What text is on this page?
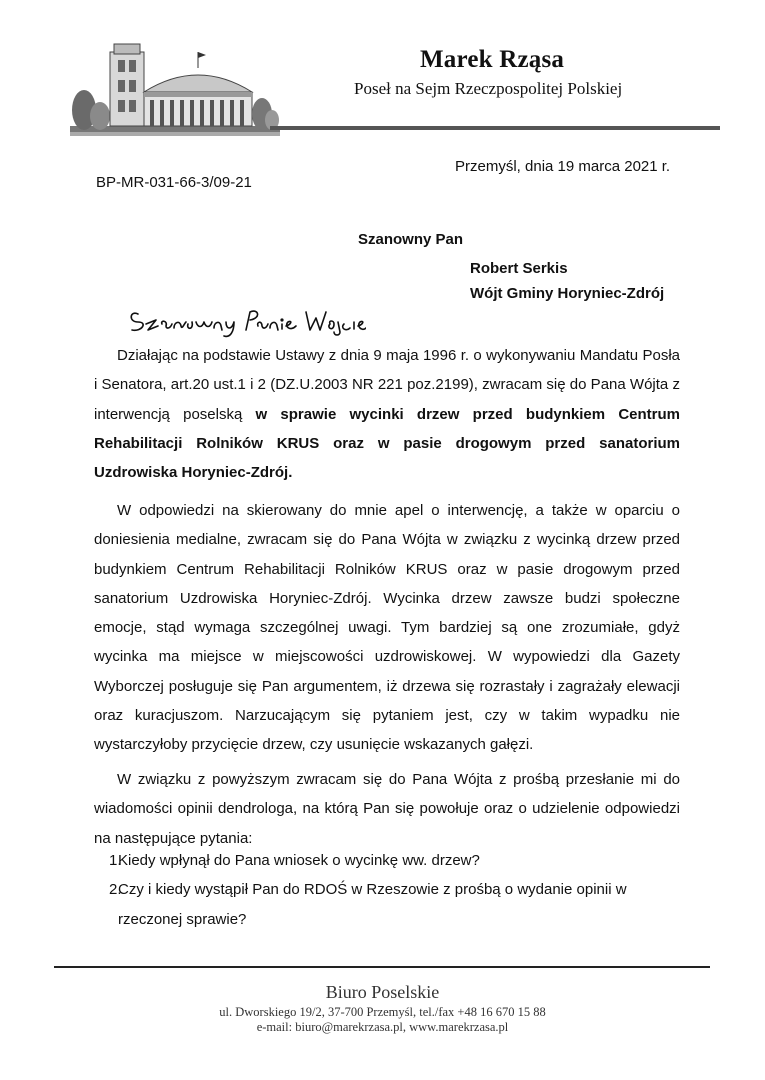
Marek Rząsa
Poseł na Sejm Rzeczpospolitej Polskiej
Przemyśl, dnia 19 marca 2021 r.
BP-MR-031-66-3/09-21
Szanowny Pan
Robert Serkis
Wójt Gminy Horyniec-Zdrój

Działając na podstawie Ustawy z dnia 9 maja 1996 r. o wykonywaniu Mandatu Posła i Senatora, art.20 ust.1 i 2 (DZ.U.2003 NR 221 poz.2199), zwracam się do Pana Wójta z interwencją poselską w sprawie wycinki drzew przed budynkiem Centrum Rehabilitacji Rolników KRUS oraz w pasie drogowym przed sanatorium Uzdrowiska Horyniec-Zdrój.

W odpowiedzi na skierowany do mnie apel o interwencję, a także w oparciu o doniesienia medialne, zwracam się do Pana Wójta w związku z wycinką drzew przed budynkiem Centrum Rehabilitacji Rolników KRUS oraz w pasie drogowym przed sanatorium Uzdrowiska Horyniec-Zdrój. Wycinka drzew zawsze budzi społeczne emocje, stąd wymaga szczególnej uwagi. Tym bardziej są one zrozumiałe, gdyż wycinka ma miejsce w miejscowości uzdrowiskowej. W wypowiedzi dla Gazety Wyborczej posługuje się Pan argumentem, iż drzewa się rozrastały i zagrażały elewacji oraz kuracjuszom. Narzucającym się pytaniem jest, czy w takim wypadku nie wystarczyłoby przycięcie drzew, czy usunięcie wskazanych gałęzi.

W związku z powyższym zwracam się do Pana Wójta z prośbą przesłanie mi do wiadomości opinii dendrologa, na którą Pan się powołuje oraz o udzielenie odpowiedzi na następujące pytania:

1.
Kiedy wpłynął do Pana wniosek o wycinkę ww. drzew?
2.
Czy i kiedy wystąpił Pan do RDOŚ w Rzeszowie z prośbą o wydanie opinii w rzeczonej sprawie?
Biuro Poselskie
ul. Dworskiego 19/2, 37-700 Przemyśl, tel./fax +48 16 670 15 88
e-mail: biuro@marekrzasa.pl, www.marekrzasa.pl
